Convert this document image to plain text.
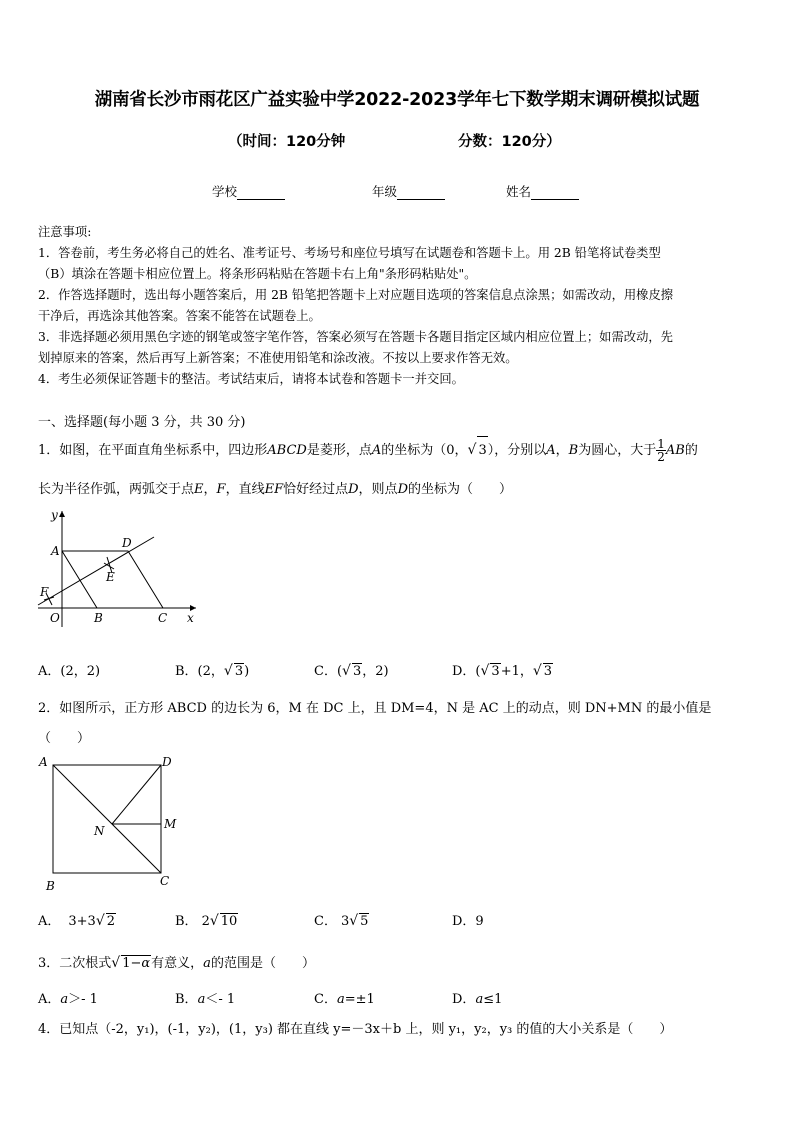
湖南省长沙市雨花区广益实验中学2022-2023学年七下数学期末调研模拟试题
（时间：120分钟	分数：120分）
学校	年级	姓名
注意事项:
1．答卷前，考生务必将自己的姓名、准考证号、考场号和座位号填写在试题卷和答题卡上。用 2B 铅笔将试卷类型
（B）填涂在答题卡相应位置上。将条形码粘贴在答题卡右上角"条形码粘贴处"。
2．作答选择题时，选出每小题答案后，用 2B 铅笔把答题卡上对应题目选项的答案信息点涂黑；如需改动，用橡皮擦
干净后，再选涂其他答案。答案不能答在试题卷上。
3．非选择题必须用黑色字迹的钢笔或签字笔作答，答案必须写在答题卡各题目指定区域内相应位置上；如需改动，先
划掉原来的答案，然后再写上新答案；不准使用铅笔和涂改液。不按以上要求作答无效。
4．考生必须保证答题卡的整洁。考试结束后，请将本试卷和答题卡一并交回。
一、选择题(每小题 3 分，共 30 分)
1．如图，在平面直角坐标系中，四边形ABCD是菱形，点A的坐标为（0，√ 3），分别以A，B为圆心，大于 $\frac{1}{2}$ AB的
长为半径作弧，两弧交于点E，F，直线EF恰好经过点D，则点D的坐标为（　　）
y
A
D
E
F
O	B	C x
A．(2，2)	B．(2，√ 3)	C．(√ 3，2)	D．(√ 3+1，√ 3
2．如图所示，正方形 ABCD 的边长为 6，M 在 DC 上，且 DM=4，N 是 AC 上的动点，则 DN+MN 的最小值是
（　　）
A	D
N	M
B	C
A． 3+3√ 2	B． 2√ 10	C． 3√ 5	D．9
3．二次根式√ 1−α有意义，a的范围是（　　）
A．a＞- 1	B．a＜- 1	C．a=±1	D．a≤1
4．已知点（-2，y₁)，(-1，y₂)，(1，y₃) 都在直线 y=－3x＋b 上，则 y₁，y₂，y₃ 的值的大小关系是（　　）
